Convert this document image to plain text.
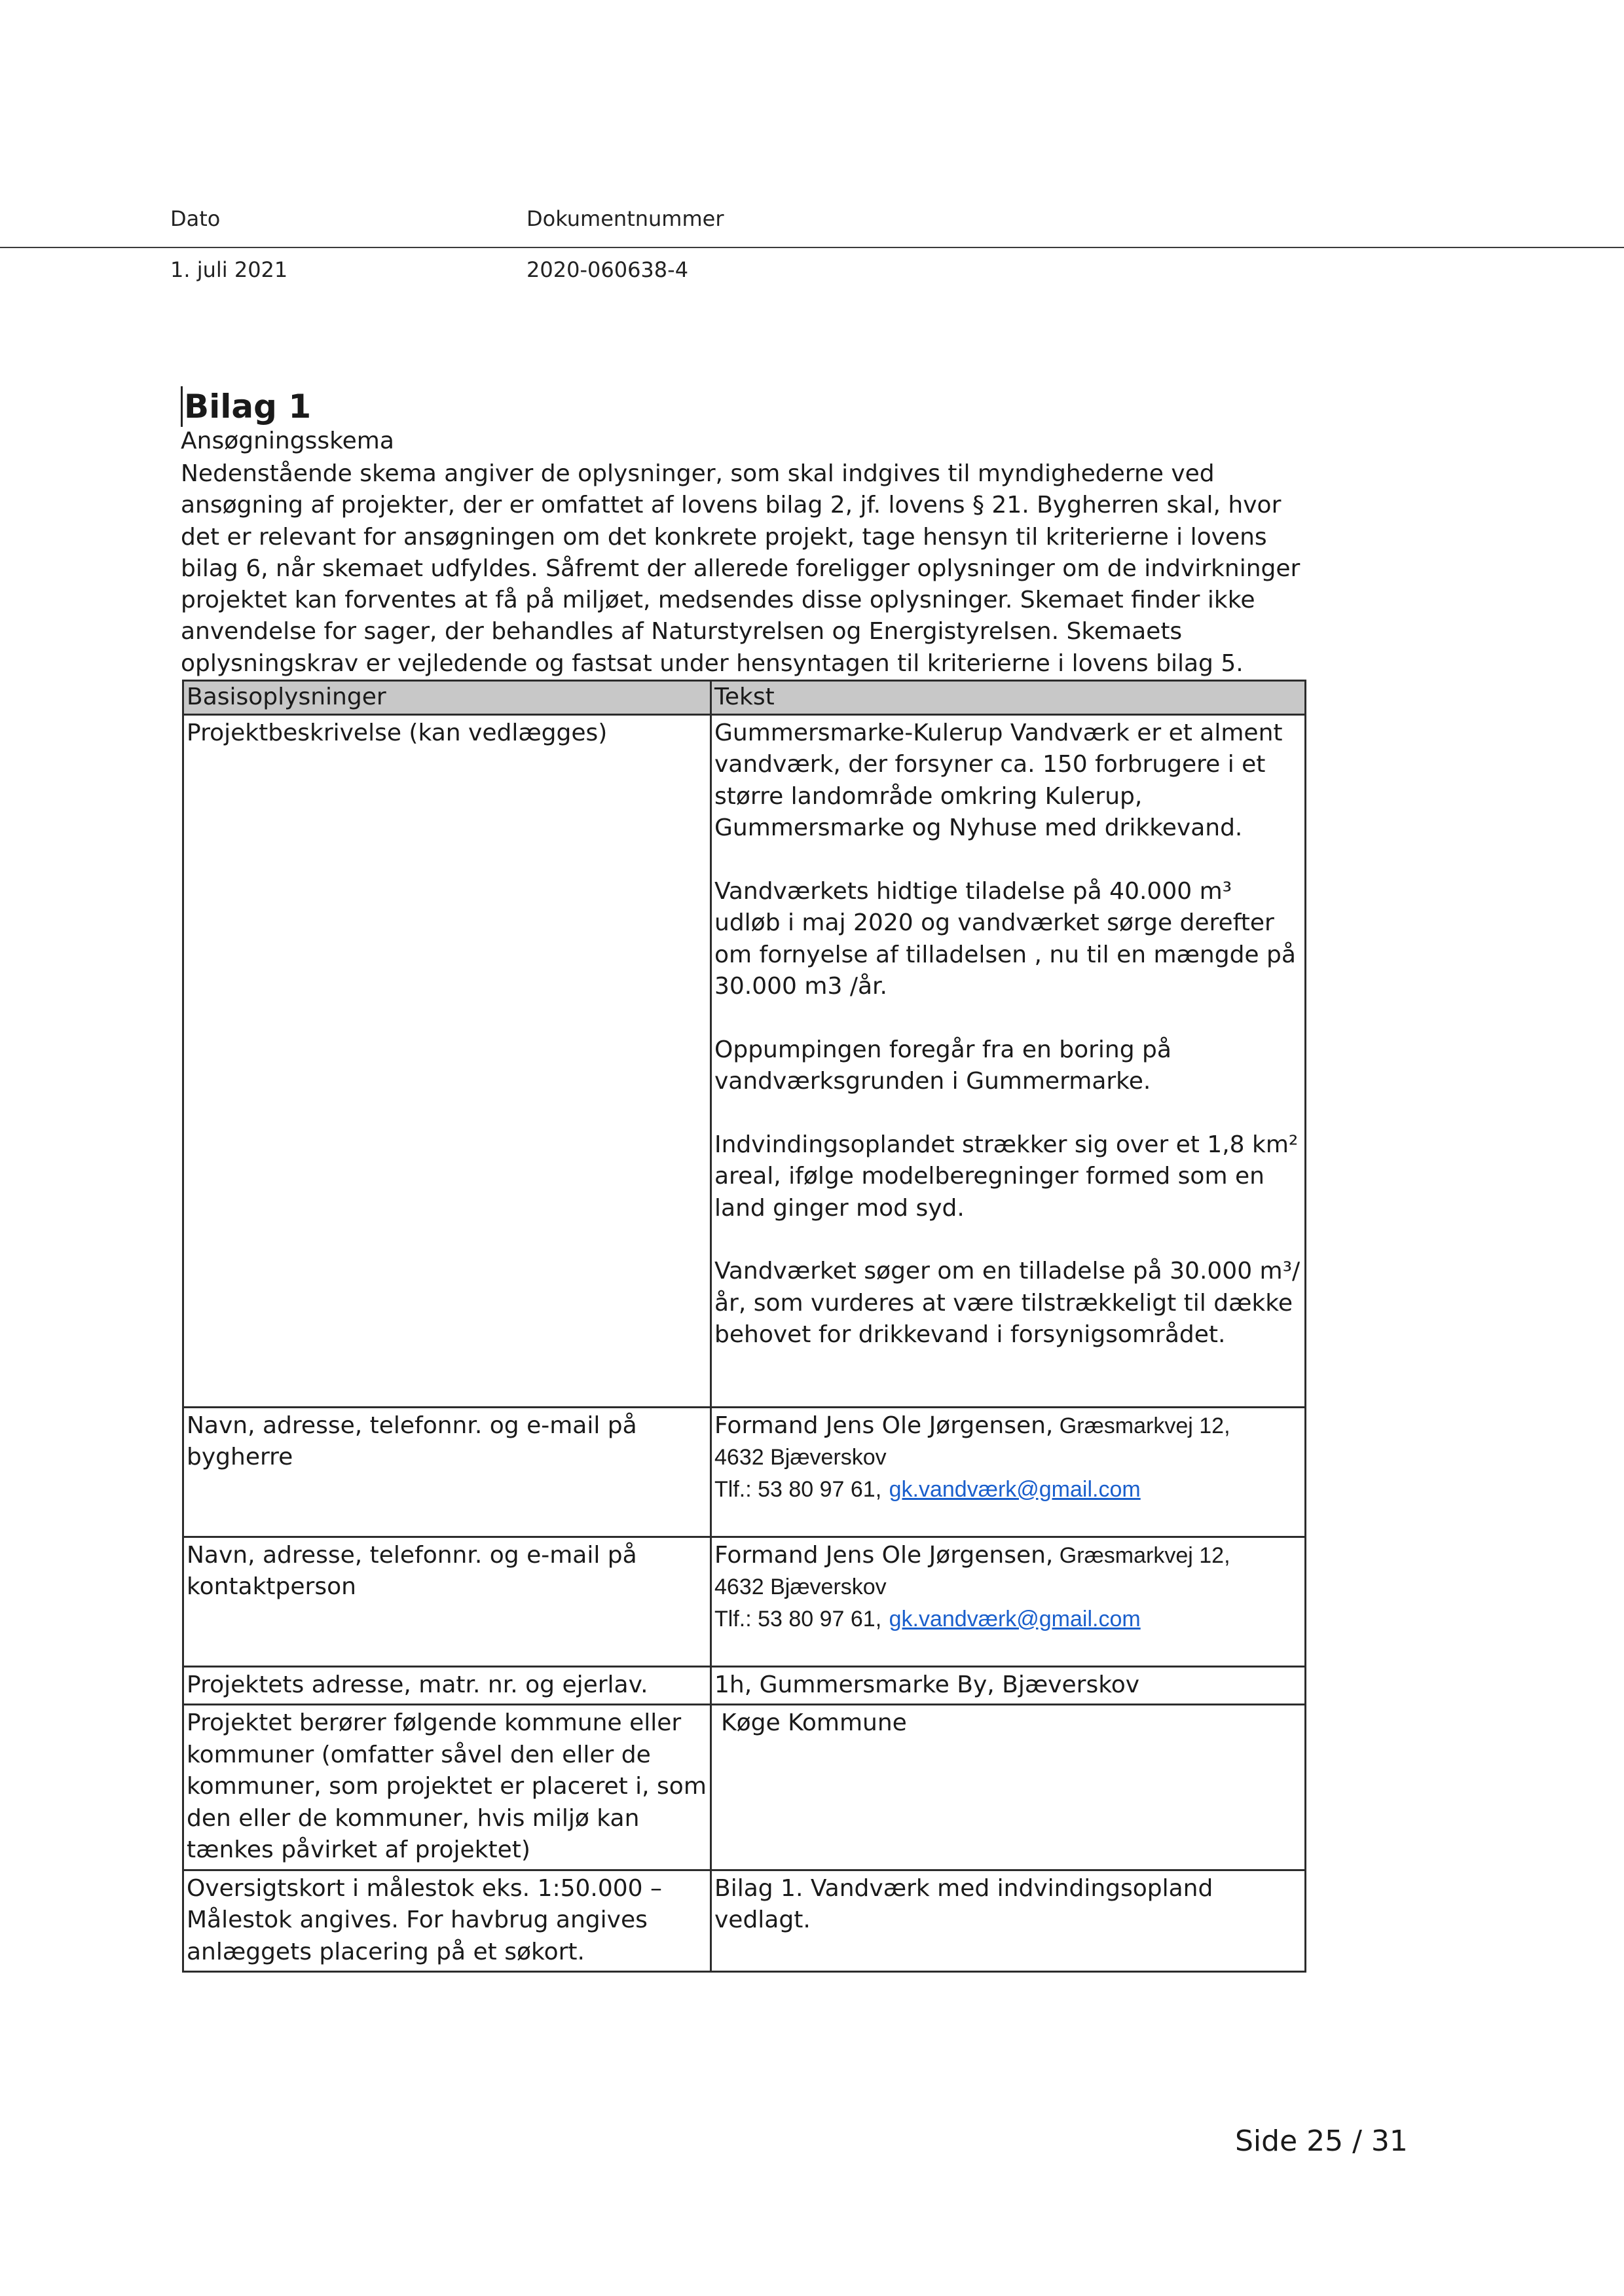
Dato	Dokumentnummer
1. juli 2021	2020-060638-4
Bilag 1
Ansøgningsskema
Nedenstående skema angiver de oplysninger, som skal indgives til myndighederne ved
ansøgning af projekter, der er omfattet af lovens bilag 2, jf. lovens § 21. Bygherren skal, hvor
det er relevant for ansøgningen om det konkrete projekt, tage hensyn til kriterierne i lovens
bilag 6, når skemaet udfyldes. Såfremt der allerede foreligger oplysninger om de indvirkninger
projektet kan forventes at få på miljøet, medsendes disse oplysninger. Skemaet finder ikke
anvendelse for sager, der behandles af Naturstyrelsen og Energistyrelsen. Skemaets
oplysningskrav er vejledende og fastsat under hensyntagen til kriterierne i lovens bilag 5.
Basisoplysninger	Tekst
Projektbeskrivelse (kan vedlægges)	Gummersmarke-Kulerup Vandværk er et alment vandværk, der forsyner ca. 150 forbrugere i et større landområde omkring Kulerup, Gummersmarke og Nyhuse med drikkevand.
Vandværkets hidtige tiladelse på 40.000 m³ udløb i maj 2020 og vandværket sørge derefter om fornyelse af tilladelsen , nu til en mængde på 30.000 m3 /år.
Oppumpingen foregår fra en boring på vandværksgrunden i Gummermarke.
Indvindingsoplandet strækker sig over et 1,8 km² areal, ifølge modelberegninger formed som en land ginger mod syd.
Vandværket søger om en tilladelse på 30.000 m³/år, som vurderes at være tilstrækkeligt til dække behovet for drikkevand i forsynigsområdet.

Navn, adresse, telefonnr. og e-mail på bygherre	Formand Jens Ole Jørgensen, Græsmarkvej 12,
4632 Bjæverskov
Tlf.: 53 80 97 61, gk.vandværk@gmail.com

Navn, adresse, telefonnr. og e-mail på kontaktperson	Formand Jens Ole Jørgensen, Græsmarkvej 12,
4632 Bjæverskov
Tlf.: 53 80 97 61, gk.vandværk@gmail.com

Projektets adresse, matr. nr. og ejerlav.	1h, Gummersmarke By, Bjæverskov
Projektet berører følgende kommune eller kommuner (omfatter såvel den eller de kommuner, som projektet er placeret i, som den eller de kommuner, hvis miljø kan tænkes påvirket af projektet)	Køge Kommune
Oversigtskort i målestok eks. 1:50.000 – Målestok angives. For havbrug angives anlæggets placering på et søkort.	Bilag 1. Vandværk med indvindingsopland vedlagt.
Side 25 / 31
